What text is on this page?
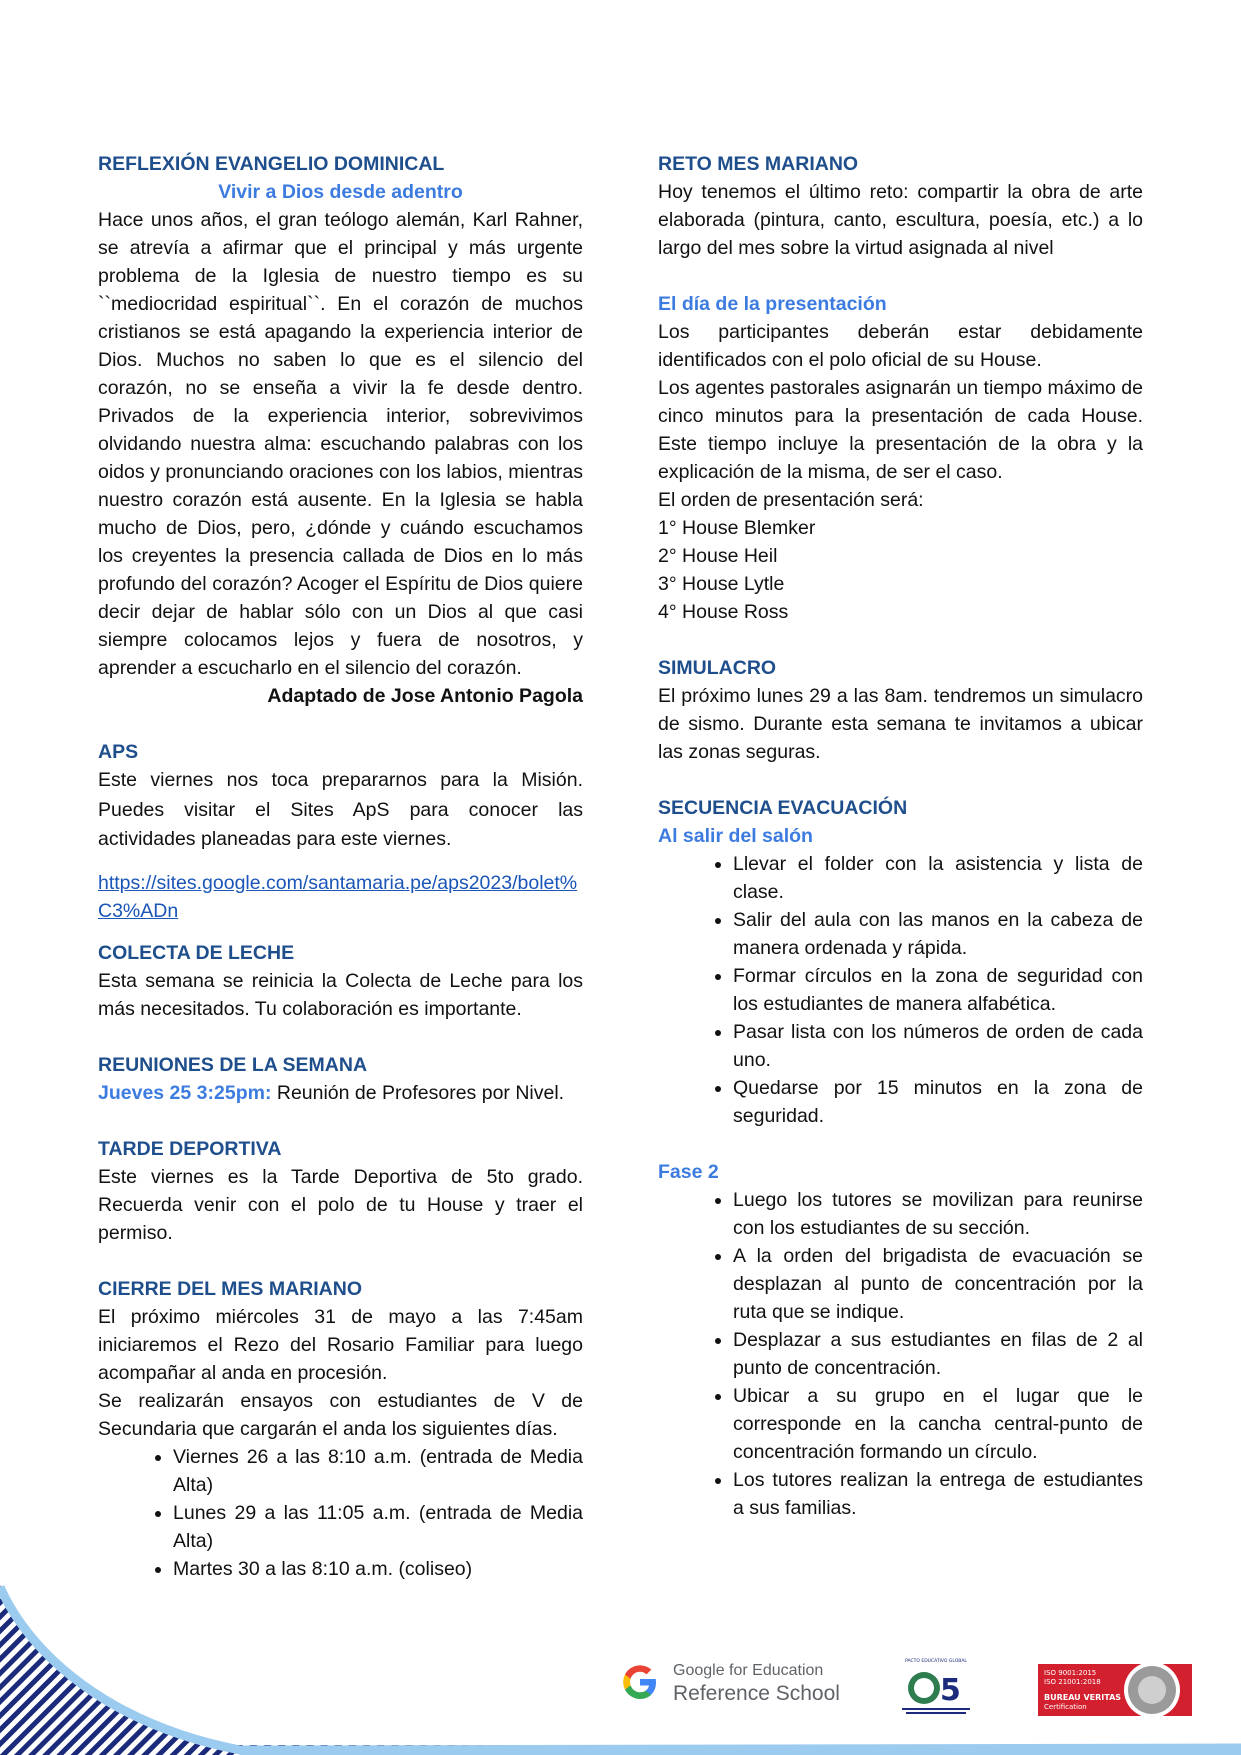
REFLEXIÓN EVANGELIO DOMINICAL
Vivir a Dios desde adentro

Hace unos años, el gran teólogo alemán, Karl Rahner, se atrevía a afirmar que el principal y más urgente problema de la Iglesia de nuestro tiempo es su ``mediocridad espiritual``. En el corazón de muchos cristianos se está apagando la experiencia interior de Dios. Muchos no saben lo que es el silencio del corazón, no se enseña a vivir la fe desde dentro. Privados de la experiencia interior, sobrevivimos olvidando nuestra alma: escuchando palabras con los oidos y pronunciando oraciones con los labios, mientras nuestro corazón está ausente. En la Iglesia se habla mucho de Dios, pero, ¿dónde y cuándo escuchamos los creyentes la presencia callada de Dios en lo más profundo del corazón? Acoger el Espíritu de Dios quiere decir dejar de hablar sólo con un Dios al que casi siempre colocamos lejos y fuera de nosotros, y aprender a escucharlo en el silencio del corazón.

Adaptado de Jose Antonio Pagola

APS

Este viernes nos toca prepararnos para la Misión. Puedes visitar el Sites ApS para conocer las actividades planeadas para este viernes.

https://sites.google.com/santamaria.pe/aps2023/bolet%C3%ADn
COLECTA DE LECHE

Esta semana se reinicia la Colecta de Leche para los más necesitados. Tu colaboración es importante.

REUNIONES DE LA SEMANA

Jueves 25 3:25pm: Reunión de Profesores por Nivel.

TARDE DEPORTIVA

Este viernes es la Tarde Deportiva de 5to grado. Recuerda venir con el polo de tu House y traer el permiso.

CIERRE DEL MES MARIANO

El próximo miércoles 31 de mayo a las 7:45am iniciaremos el Rezo del Rosario Familiar para luego acompañar al anda en procesión.

Se realizarán ensayos con estudiantes de V de Secundaria que cargarán el anda los siguientes días.

• Viernes 26 a las 8:10 a.m. (entrada de Media Alta)
• Lunes 29 a las 11:05 a.m. (entrada de Media Alta)
• Martes 30 a las 8:10 a.m. (coliseo)
RETO MES MARIANO

Hoy tenemos el último reto: compartir la obra de arte elaborada (pintura, canto, escultura, poesía, etc.) a lo largo del mes sobre la virtud asignada al nivel

El día de la presentación

Los participantes deberán estar debidamente identificados con el polo oficial de su House.

Los agentes pastorales asignarán un tiempo máximo de cinco minutos para la presentación de cada House. Este tiempo incluye la presentación de la obra y la explicación de la misma, de ser el caso.

El orden de presentación será:

1° House Blemker

2° House Heil

3° House Lytle

4° House Ross

SIMULACRO

El próximo lunes 29 a las 8am. tendremos un simulacro de sismo. Durante esta semana te invitamos a ubicar las zonas seguras.

SECUENCIA EVACUACIÓN
Al salir del salón
• Llevar el folder con la asistencia y lista de clase.
• Salir del aula con las manos en la cabeza de manera ordenada y rápida.
• Formar círculos en la zona de seguridad con los estudiantes de manera alfabética.
• Pasar lista con los números de orden de cada uno.
• Quedarse por 15 minutos en la zona de seguridad.
Fase 2
• Luego los tutores se movilizan para reunirse con los estudiantes de su sección.
• A la orden del brigadista de evacuación se desplazan al punto de concentración por la ruta que se indique.
• Desplazar a sus estudiantes en filas de 2 al punto de concentración.
• Ubicar a su grupo en el lugar que le corresponde en la cancha central-punto de concentración formando un círculo.
• Los tutores realizan la entrega de estudiantes a sus familias.
Google for Education
Reference School
PACTO EDUCATIVO GLOBAL
5	ISO 9001:2015
ISO 21001:2018
BUREAU VERITAS
Certification
